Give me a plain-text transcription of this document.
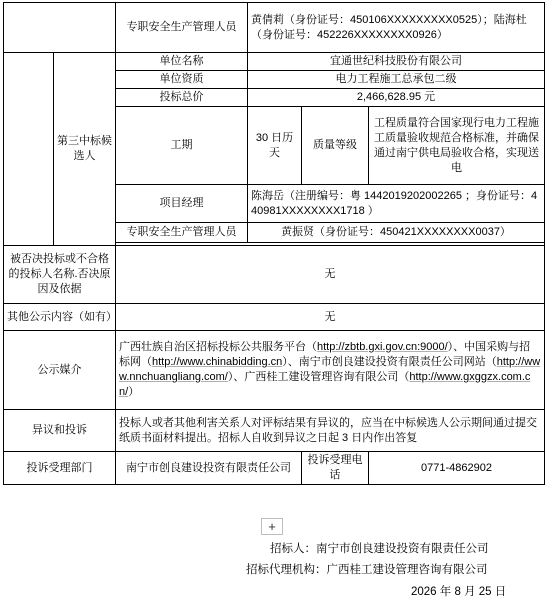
		专职安全生产管理人员	黄倩莉（身份证号：450106XXXXXXXXX0525）；陆海杜（身份证号：452226XXXXXXXX0926）		
	第三中标候选人	单位名称	宜通世纪科技股份有限公司		
		单位资质	电力工程施工总承包二级		
		投标总价	2,466,628.95 元		
		工期	30 日历天	质量等级	工程质量符合国家现行电力工程施工质量验收规范合格标准，并确保通过南宁供电局验收合格，实现送电
		项目经理	陈海岳（注册编号：粤 1442019202002265 ；身份证号：440981XXXXXXXX1718 ）		
		专职安全生产管理人员	黄振贤（身份证号：450421XXXXXXXX0037）		

被否决投标或不合格的投标人名称.否决原因及依据		无			
其他公示内容（如有）		无			
公示媒介		广西壮族自治区招标投标公共服务平台（http://zbtb.gxi.gov.cn:9000/）、中国采购与招标网（http://www.chinabidding.cn）、南宁市创良建设投资有限责任公司网站（http://www.nnchuangliang.com/）、广西桂工建设管理咨询有限公司（http://www.gxggzx.com.cn/）			
异议和投诉		投标人或者其他利害关系人对评标结果有异议的，应当在中标候选人公示期间通过提交纸质书面材料提出。招标人自收到异议之日起 3 日内作出答复			
投诉受理部门		南宁市创良建设投资有限责任公司		投诉受理电话	0771-4862902
+
招标人：南宁市创良建设投资有限责任公司
招标代理机构：广西桂工建设管理咨询有限公司
2026 年 8 月 25 日
